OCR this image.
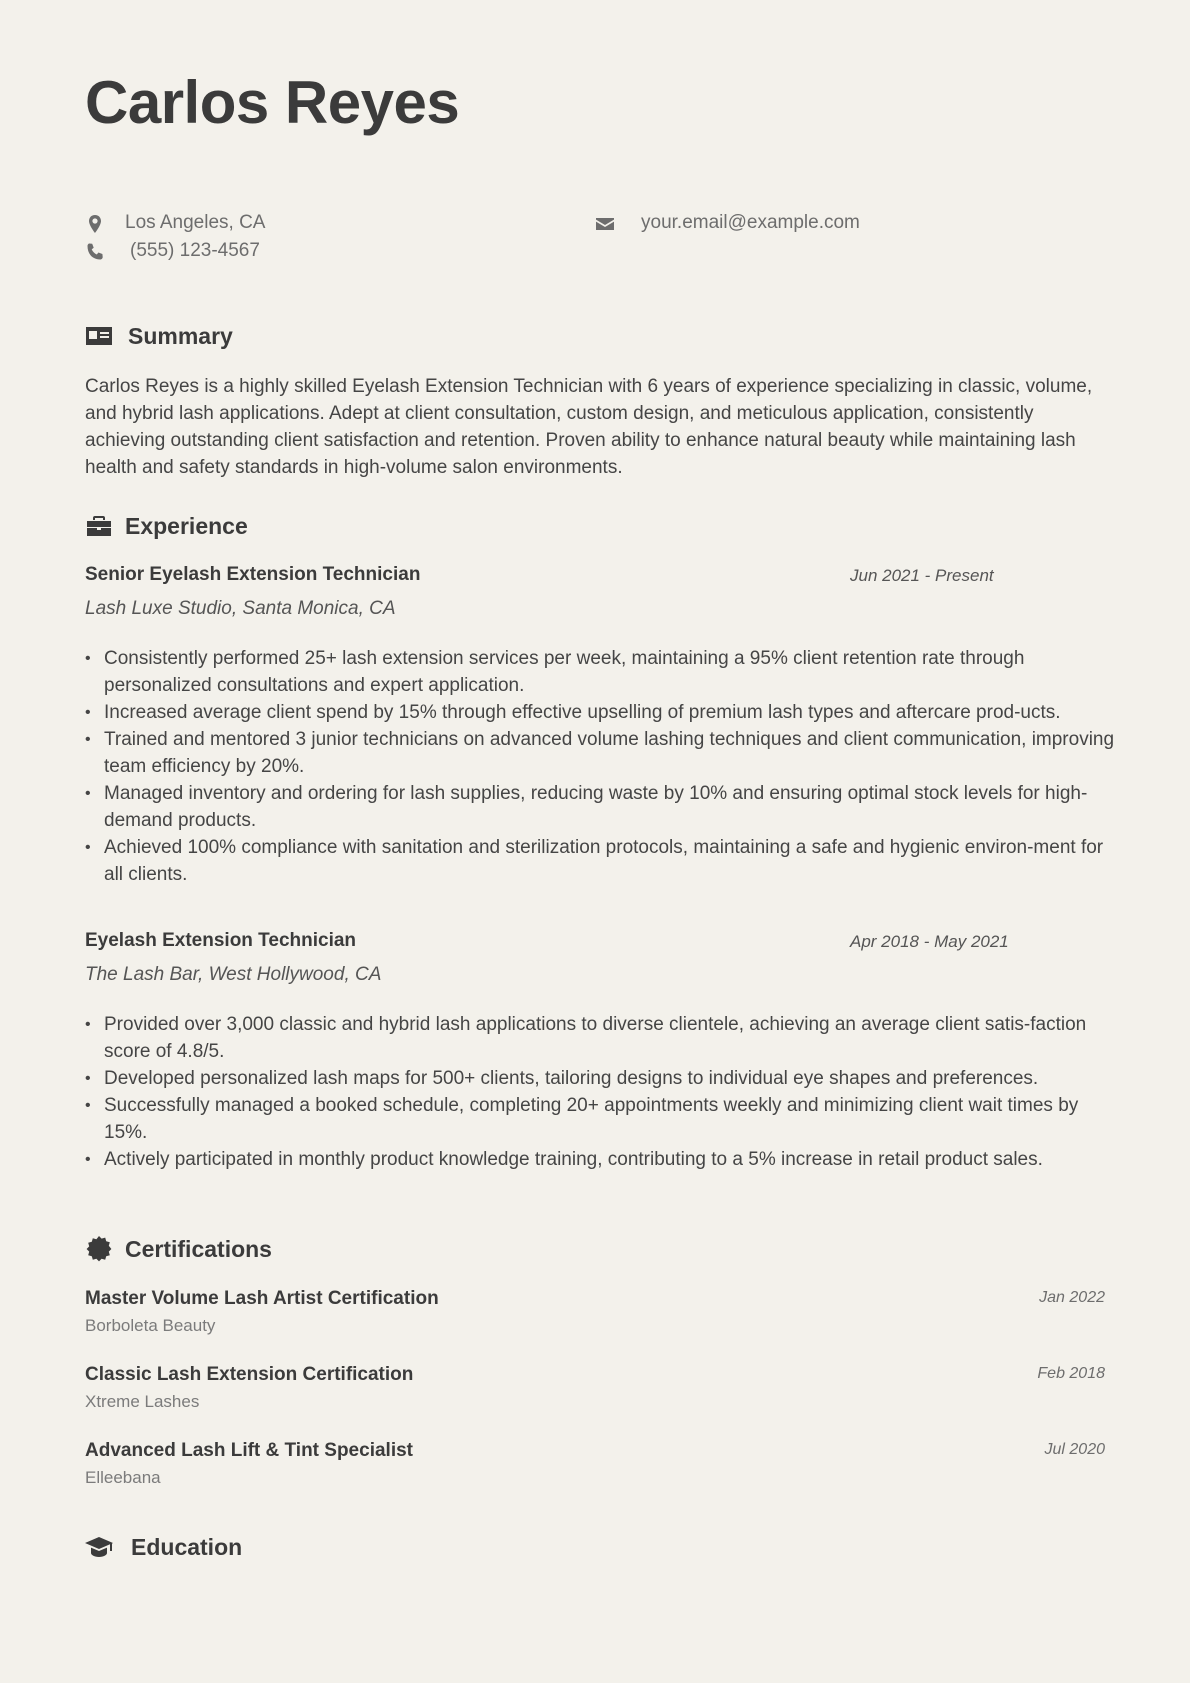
Carlos Reyes
Los Angeles, CA
(555) 123-4567
your.email@example.com
Summary

Carlos Reyes is a highly skilled Eyelash Extension Technician with 6 years of experience specializing in classic, volume, and hybrid lash applications. Adept at client consultation, custom design, and meticulous application, consistently achieving outstanding client satisfaction and retention. Proven ability to enhance natural beauty while maintaining lash health and safety standards in high-volume salon environments.

Experience
Senior Eyelash Extension Technician	Jun 2021 - Present
Lash Luxe Studio, Santa Monica, CA
• Consistently performed 25+ lash extension services per week, maintaining a 95% client retention rate through personalized consultations and expert application.
• Increased average client spend by 15% through effective upselling of premium lash types and aftercare prod-ucts.
• Trained and mentored 3 junior technicians on advanced volume lashing techniques and client communication, improving team efficiency by 20%.
• Managed inventory and ordering for lash supplies, reducing waste by 10% and ensuring optimal stock levels for high-demand products.
• Achieved 100% compliance with sanitation and sterilization protocols, maintaining a safe and hygienic environ-ment for all clients.
Eyelash Extension Technician	Apr 2018 - May 2021
The Lash Bar, West Hollywood, CA
• Provided over 3,000 classic and hybrid lash applications to diverse clientele, achieving an average client satis-faction score of 4.8/5.
• Developed personalized lash maps for 500+ clients, tailoring designs to individual eye shapes and preferences.
• Successfully managed a booked schedule, completing 20+ appointments weekly and minimizing client wait times by 15%.
• Actively participated in monthly product knowledge training, contributing to a 5% increase in retail product sales.
Certifications
Master Volume Lash Artist Certification
Borboleta Beauty
Jan 2022
Classic Lash Extension Certification
Xtreme Lashes
Feb 2018
Advanced Lash Lift & Tint Specialist
Elleebana
Jul 2020
Education
